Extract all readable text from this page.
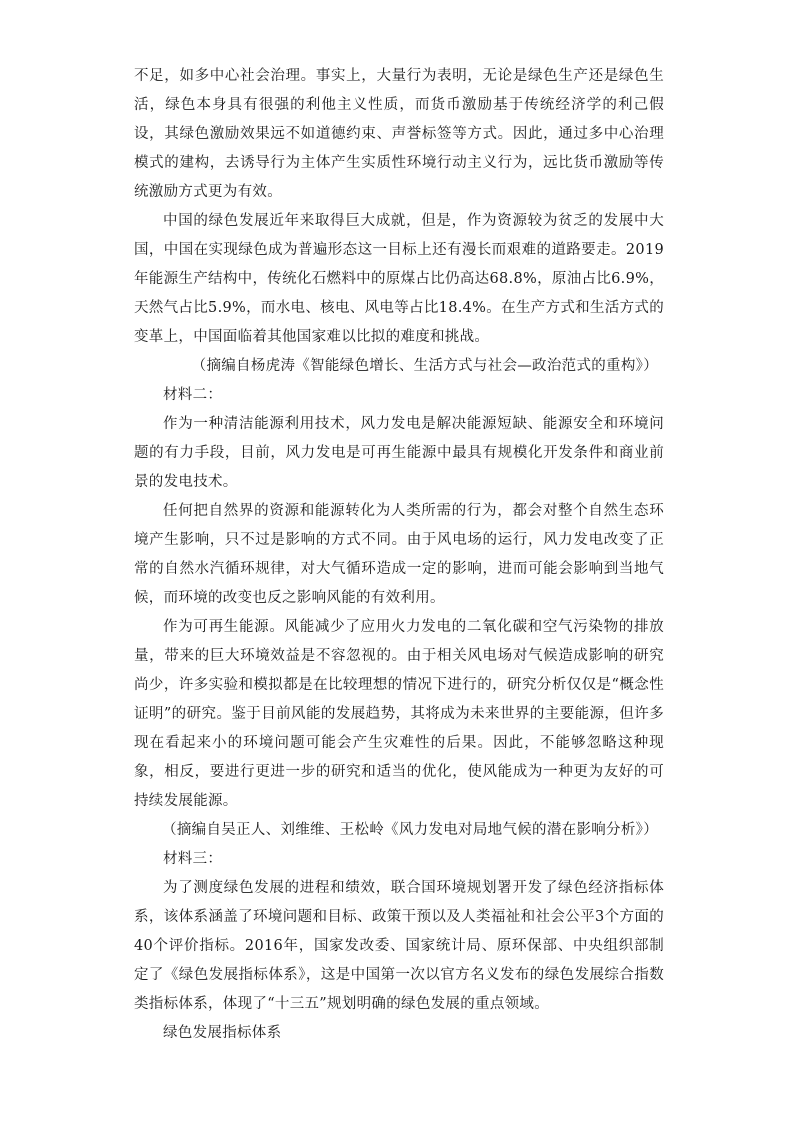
不足，如多中心社会治理。事实上，大量行为表明，无论是绿色生产还是绿色生活，绿色本身具有很强的利他主义性质，而货币激励基于传统经济学的利己假设，其绿色激励效果远不如道德约束、声誉标签等方式。因此，通过多中心治理模式的建构，去诱导行为主体产生实质性环境行动主义行为，远比货币激励等传统激励方式更为有效。

中国的绿色发展近年来取得巨大成就，但是，作为资源较为贫乏的发展中大国，中国在实现绿色成为普遍形态这一目标上还有漫长而艰难的道路要走。2019年能源生产结构中，传统化石燃料中的原煤占比仍高达68.8%，原油占比6.9%，天然气占比5.9%，而水电、核电、风电等占比18.4%。在生产方式和生活方式的变革上，中国面临着其他国家难以比拟的难度和挑战。

（摘编自杨虎涛《智能绿色增长、生活方式与社会—政治范式的重构》）

材料二：

作为一种清洁能源利用技术，风力发电是解决能源短缺、能源安全和环境问题的有力手段，目前，风力发电是可再生能源中最具有规模化开发条件和商业前景的发电技术。

任何把自然界的资源和能源转化为人类所需的行为，都会对整个自然生态环境产生影响，只不过是影响的方式不同。由于风电场的运行，风力发电改变了正常的自然水汽循环规律，对大气循环造成一定的影响，进而可能会影响到当地气候，而环境的改变也反之影响风能的有效利用。

作为可再生能源。风能减少了应用火力发电的二氧化碳和空气污染物的排放量，带来的巨大环境效益是不容忽视的。由于相关风电场对气候造成影响的研究尚少，许多实验和模拟都是在比较理想的情况下进行的，研究分析仅仅是“概念性证明”的研究。鉴于目前风能的发展趋势，其将成为未来世界的主要能源，但许多现在看起来小的环境问题可能会产生灾难性的后果。因此，不能够忽略这种现象，相反，要进行更进一步的研究和适当的优化，使风能成为一种更为友好的可持续发展能源。

（摘编自吴正人、刘维维、王松岭《风力发电对局地气候的潜在影响分析》）

材料三：

为了测度绿色发展的进程和绩效，联合国环境规划署开发了绿色经济指标体系，该体系涵盖了环境问题和目标、政策干预以及人类福祉和社会公平3个方面的40个评价指标。2016年，国家发改委、国家统计局、原环保部、中央组织部制定了《绿色发展指标体系》，这是中国第一次以官方名义发布的绿色发展综合指数类指标体系，体现了“十三五”规划明确的绿色发展的重点领域。

绿色发展指标体系
